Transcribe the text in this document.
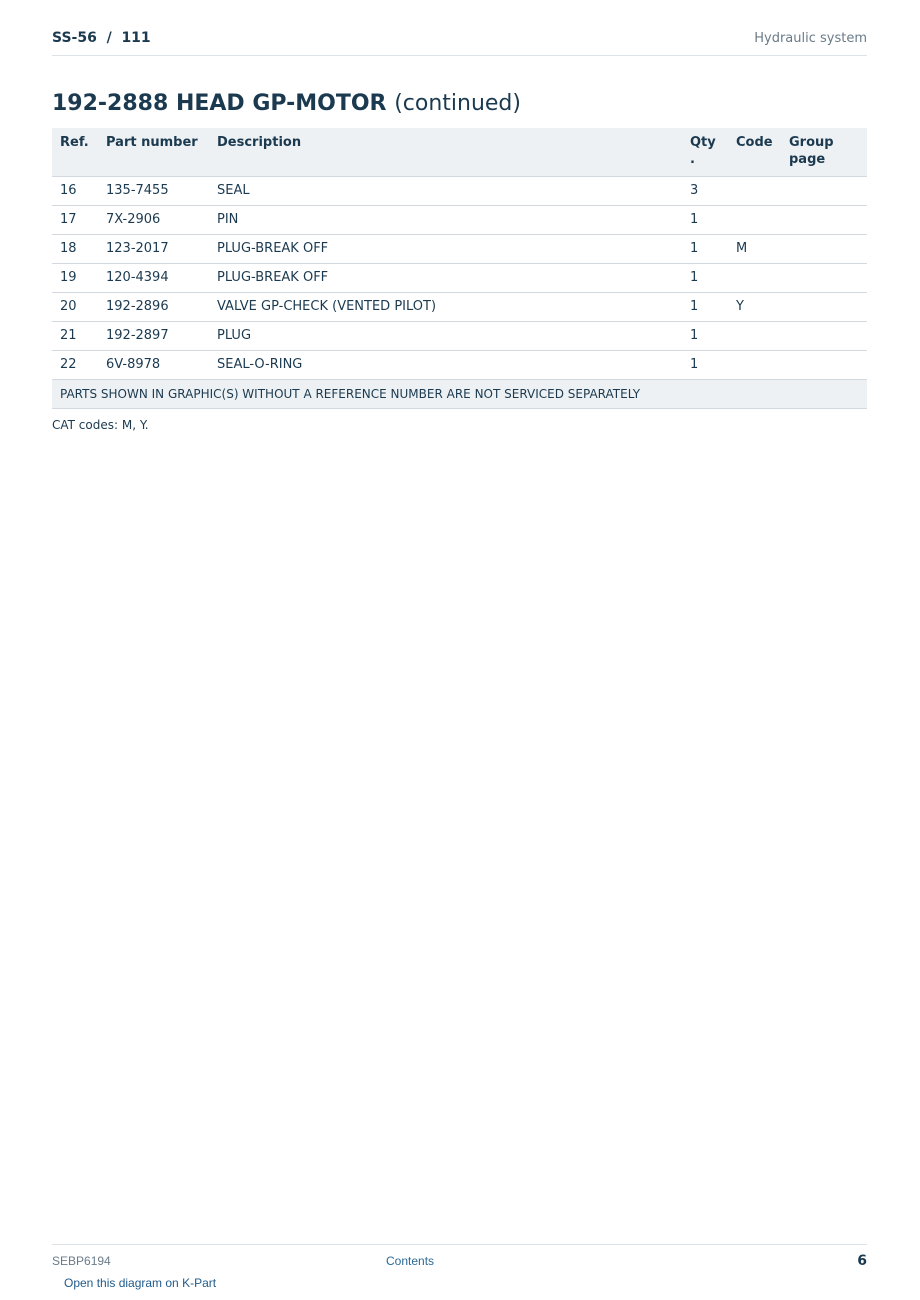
SS-56  /  111	Hydraulic system
192-2888 HEAD GP-MOTOR (continued)
Ref.	Part number	Description	Qty .	Code	Group page
16	135-7455	SEAL	3		
17	7X-2906	PIN	1		
18	123-2017	PLUG-BREAK OFF	1	M	
19	120-4394	PLUG-BREAK OFF	1		
20	192-2896	VALVE GP-CHECK (VENTED PILOT)	1	Y	
21	192-2897	PLUG	1		
22	6V-8978	SEAL-O-RING	1		
PARTS SHOWN IN GRAPHIC(S) WITHOUT A REFERENCE NUMBER ARE NOT SERVICED SEPARATELY					
CAT codes: M, Y.
SEBP6194	Contents	6
Open this diagram on K-Part
